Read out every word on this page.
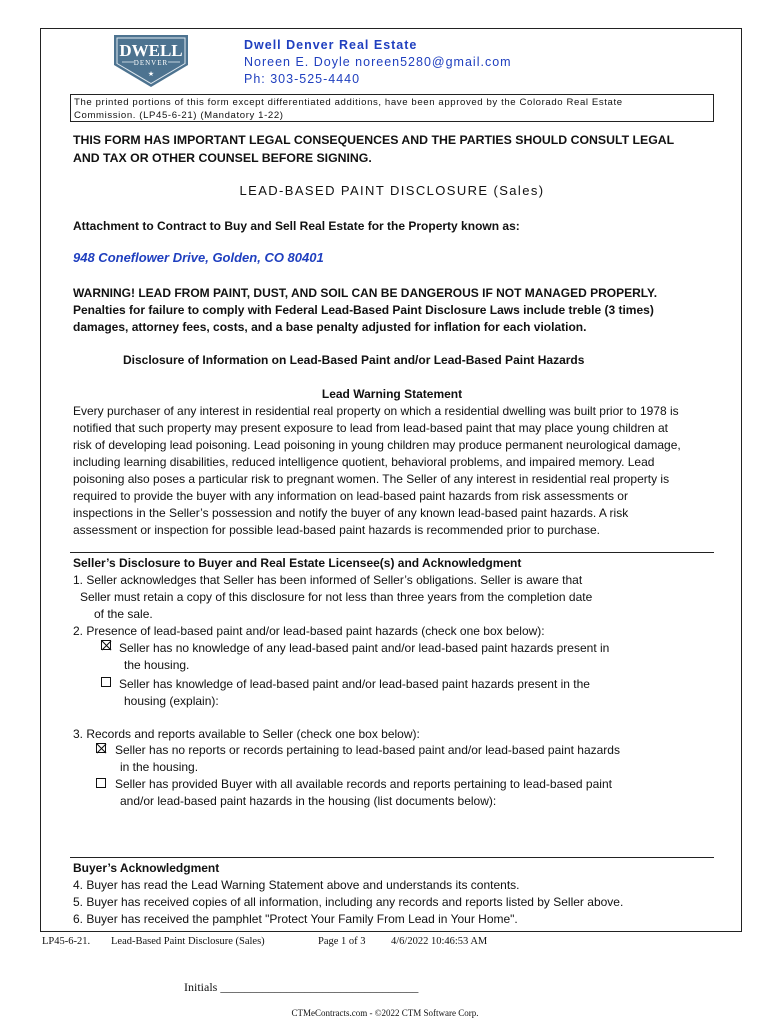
DWELL
DENVER
★
Dwell Denver Real Estate
Noreen E. Doyle noreen5280@gmail.com
Ph: 303-525-4440
The printed portions of this form except differentiated additions, have been approved by the Colorado Real Estate
Commission. (LP45-6-21) (Mandatory 1-22)
THIS FORM HAS IMPORTANT LEGAL CONSEQUENCES AND THE PARTIES SHOULD CONSULT LEGAL
AND TAX OR OTHER COUNSEL BEFORE SIGNING.
LEAD-BASED PAINT DISCLOSURE (Sales)
Attachment to Contract to Buy and Sell Real Estate for the Property known as:
948 Coneflower Drive, Golden, CO 80401
WARNING! LEAD FROM PAINT, DUST, AND SOIL CAN BE DANGEROUS IF NOT MANAGED PROPERLY.
Penalties for failure to comply with Federal Lead-Based Paint Disclosure Laws include treble (3 times)
damages, attorney fees, costs, and a base penalty adjusted for inflation for each violation.
Disclosure of Information on Lead-Based Paint and/or Lead-Based Paint Hazards
Lead Warning Statement
Every purchaser of any interest in residential real property on which a residential dwelling was built prior to 1978 is
notified that such property may present exposure to lead from lead-based paint that may place young children at
risk of developing lead poisoning. Lead poisoning in young children may produce permanent neurological damage,
including learning disabilities, reduced intelligence quotient, behavioral problems, and impaired memory. Lead
poisoning also poses a particular risk to pregnant women. The Seller of any interest in residential real property is
required to provide the buyer with any information on lead-based paint hazards from risk assessments or
inspections in the Seller’s possession and notify the buyer of any known lead-based paint hazards. A risk
assessment or inspection for possible lead-based paint hazards is recommended prior to purchase.
Seller’s Disclosure to Buyer and Real Estate Licensee(s) and Acknowledgment
1. Seller acknowledges that Seller has been informed of Seller’s obligations. Seller is aware that
Seller must retain a copy of this disclosure for not less than three years from the completion date
of the sale.
2. Presence of lead-based paint and/or lead-based paint hazards (check one box below):
Seller has no knowledge of any lead-based paint and/or lead-based paint hazards present in
the housing.
Seller has knowledge of lead-based paint and/or lead-based paint hazards present in the
housing (explain):
3. Records and reports available to Seller (check one box below):
Seller has no reports or records pertaining to lead-based paint and/or lead-based paint hazards
in the housing.
Seller has provided Buyer with all available records and reports pertaining to lead-based paint
and/or lead-based paint hazards in the housing (list documents below):
Buyer’s Acknowledgment
4. Buyer has read the Lead Warning Statement above and understands its contents.
5. Buyer has received copies of all information, including any records and reports listed by Seller above.
6. Buyer has received the pamphlet "Protect Your Family From Lead in Your Home".
LP45-6-21. Lead-Based Paint Disclosure (Sales)	Page 1 of 3 4/6/2022 10:46:53 AM
Initials _________________________________
CTMeContracts.com - ©2022 CTM Software Corp.
